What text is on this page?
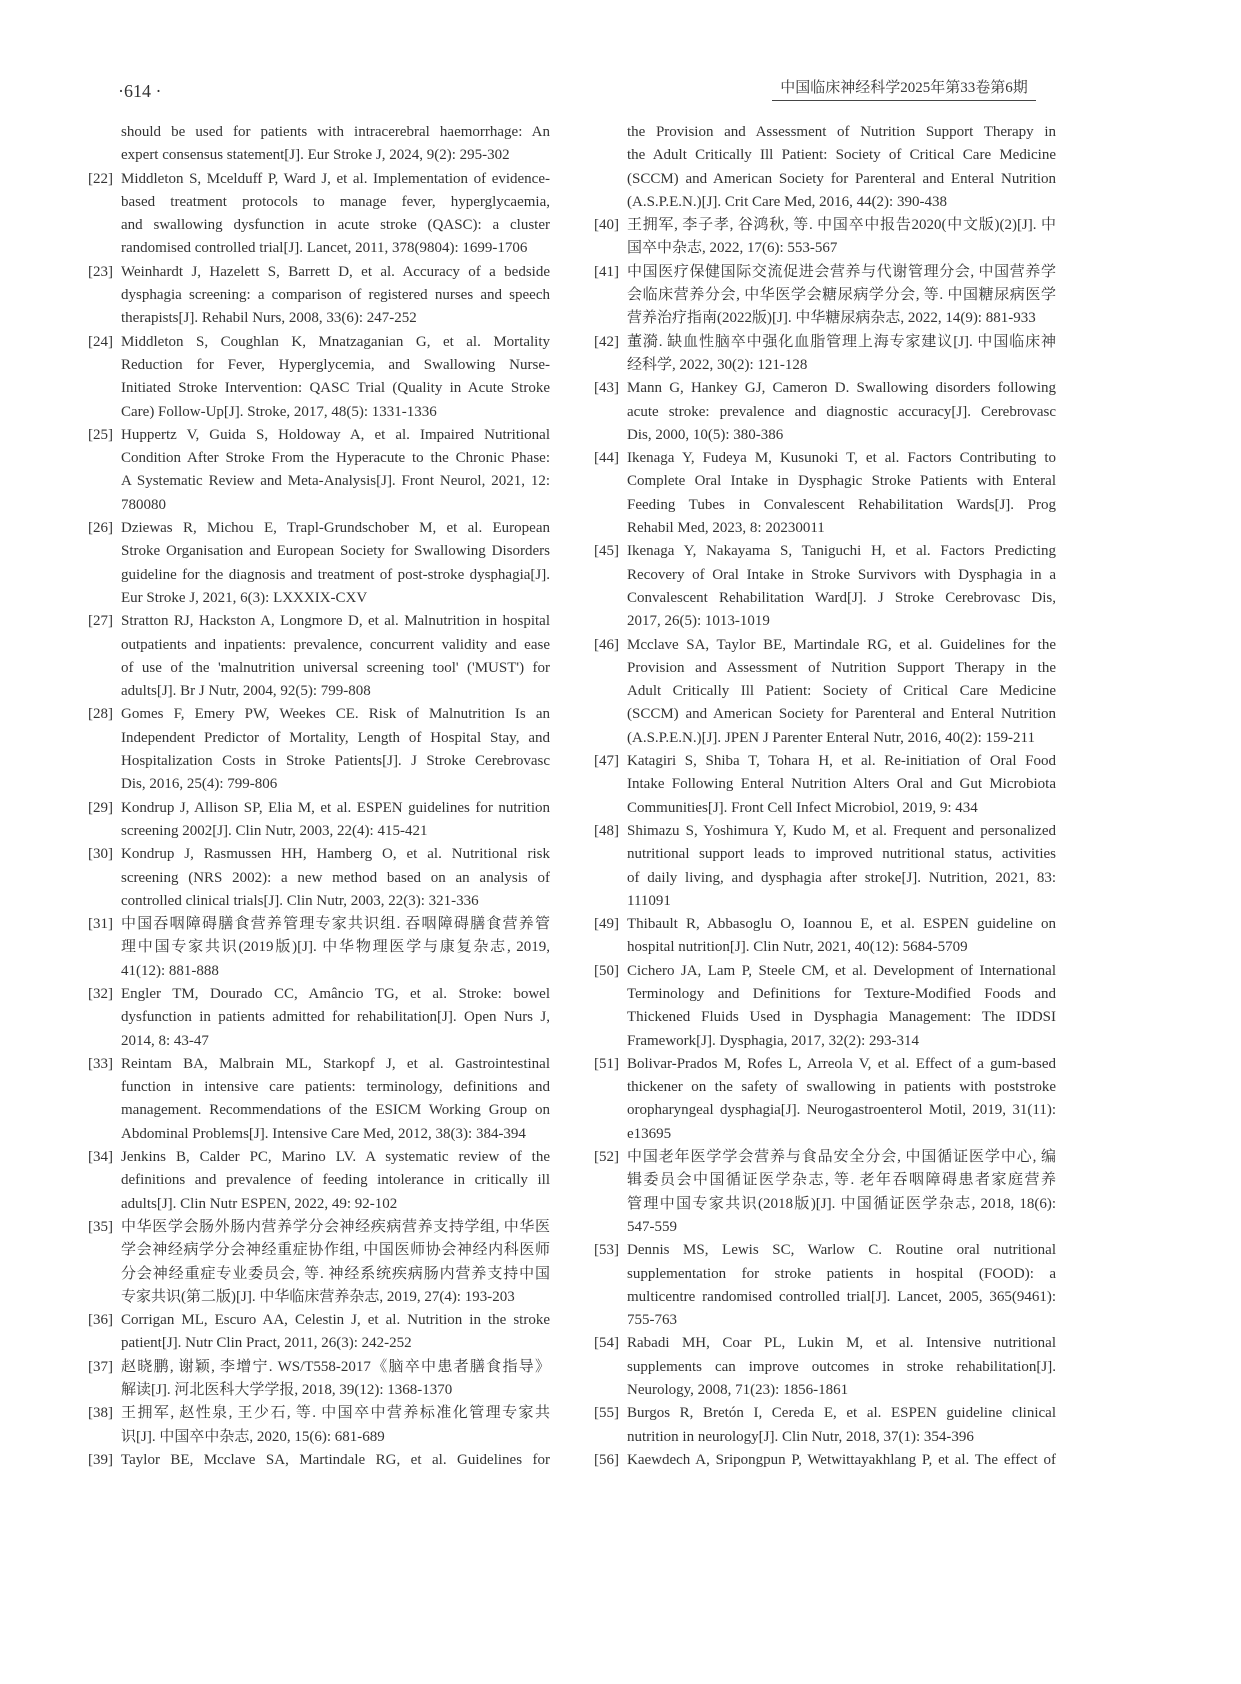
·614 ·	中国临床神经科学2025年第33卷第6期
should be used for patients with intracerebral haemorrhage: An
expert consensus statement[J]. Eur Stroke J, 2024, 9(2): 295-302
[22] Middleton S, Mcelduff P, Ward J, et al. Implementation of evidence-
based treatment protocols to manage fever, hyperglycaemia,
and swallowing dysfunction in acute stroke (QASC): a cluster
randomised controlled trial[J]. Lancet, 2011, 378(9804): 1699-1706
[23] Weinhardt J, Hazelett S, Barrett D, et al. Accuracy of a bedside
dysphagia screening: a comparison of registered nurses and speech
therapists[J]. Rehabil Nurs, 2008, 33(6): 247-252
[24] Middleton S, Coughlan K, Mnatzaganian G, et al. Mortality
Reduction for Fever, Hyperglycemia, and Swallowing Nurse-
Initiated Stroke Intervention: QASC Trial (Quality in Acute Stroke
Care) Follow-Up[J]. Stroke, 2017, 48(5): 1331-1336
[25] Huppertz V, Guida S, Holdoway A, et al. Impaired Nutritional
Condition After Stroke From the Hyperacute to the Chronic Phase:
A Systematic Review and Meta-Analysis[J]. Front Neurol, 2021, 12:
780080
[26] Dziewas R, Michou E, Trapl-Grundschober M, et al. European
Stroke Organisation and European Society for Swallowing Disorders
guideline for the diagnosis and treatment of post-stroke dysphagia[J].
Eur Stroke J, 2021, 6(3): LXXXIX-CXV
[27] Stratton RJ, Hackston A, Longmore D, et al. Malnutrition in hospital
outpatients and inpatients: prevalence, concurrent validity and ease
of use of the 'malnutrition universal screening tool' ('MUST') for
adults[J]. Br J Nutr, 2004, 92(5): 799-808
[28] Gomes F, Emery PW, Weekes CE. Risk of Malnutrition Is an
Independent Predictor of Mortality, Length of Hospital Stay, and
Hospitalization Costs in Stroke Patients[J]. J Stroke Cerebrovasc
Dis, 2016, 25(4): 799-806
[29] Kondrup J, Allison SP, Elia M, et al. ESPEN guidelines for nutrition
screening 2002[J]. Clin Nutr, 2003, 22(4): 415-421
[30] Kondrup J, Rasmussen HH, Hamberg O, et al. Nutritional risk
screening (NRS 2002): a new method based on an analysis of
controlled clinical trials[J]. Clin Nutr, 2003, 22(3): 321-336
[31] 中国吞咽障碍膳食营养管理专家共识组. 吞咽障碍膳食营养管
理中国专家共识(2019版)[J]. 中华物理医学与康复杂志, 2019,
41(12): 881-888
[32] Engler TM, Dourado CC, Amâncio TG, et al. Stroke: bowel
dysfunction in patients admitted for rehabilitation[J]. Open Nurs J,
2014, 8: 43-47
[33] Reintam BA, Malbrain ML, Starkopf J, et al. Gastrointestinal
function in intensive care patients: terminology, definitions and
management. Recommendations of the ESICM Working Group on
Abdominal Problems[J]. Intensive Care Med, 2012, 38(3): 384-394
[34] Jenkins B, Calder PC, Marino LV. A systematic review of the
definitions and prevalence of feeding intolerance in critically ill
adults[J]. Clin Nutr ESPEN, 2022, 49: 92-102
[35] 中华医学会肠外肠内营养学分会神经疾病营养支持学组, 中华医
学会神经病学分会神经重症协作组, 中国医师协会神经内科医师
分会神经重症专业委员会, 等. 神经系统疾病肠内营养支持中国
专家共识(第二版)[J]. 中华临床营养杂志, 2019, 27(4): 193-203
[36] Corrigan ML, Escuro AA, Celestin J, et al. Nutrition in the stroke
patient[J]. Nutr Clin Pract, 2011, 26(3): 242-252
[37] 赵晓鹏, 谢颖, 李增宁. WS/T558-2017《脑卒中患者膳食指导》
解读[J]. 河北医科大学学报, 2018, 39(12): 1368-1370
[38] 王拥军, 赵性泉, 王少石, 等. 中国卒中营养标准化管理专家共
识[J]. 中国卒中杂志, 2020, 15(6): 681-689
[39] Taylor BE, Mcclave SA, Martindale RG, et al. Guidelines for
the Provision and Assessment of Nutrition Support Therapy in
the Adult Critically Ill Patient: Society of Critical Care Medicine
(SCCM) and American Society for Parenteral and Enteral Nutrition
(A.S.P.E.N.)[J]. Crit Care Med, 2016, 44(2): 390-438
[40] 王拥军, 李子孝, 谷鸿秋, 等. 中国卒中报告2020(中文版)(2)[J]. 中
国卒中杂志, 2022, 17(6): 553-567
[41] 中国医疗保健国际交流促进会营养与代谢管理分会, 中国营养学
会临床营养分会, 中华医学会糖尿病学分会, 等. 中国糖尿病医学
营养治疗指南(2022版)[J]. 中华糖尿病杂志, 2022, 14(9): 881-933
[42] 董漪. 缺血性脑卒中强化血脂管理上海专家建议[J]. 中国临床神
经科学, 2022, 30(2): 121-128
[43] Mann G, Hankey GJ, Cameron D. Swallowing disorders following
acute stroke: prevalence and diagnostic accuracy[J]. Cerebrovasc
Dis, 2000, 10(5): 380-386
[44] Ikenaga Y, Fudeya M, Kusunoki T, et al. Factors Contributing to
Complete Oral Intake in Dysphagic Stroke Patients with Enteral
Feeding Tubes in Convalescent Rehabilitation Wards[J]. Prog
Rehabil Med, 2023, 8: 20230011
[45] Ikenaga Y, Nakayama S, Taniguchi H, et al. Factors Predicting
Recovery of Oral Intake in Stroke Survivors with Dysphagia in a
Convalescent Rehabilitation Ward[J]. J Stroke Cerebrovasc Dis,
2017, 26(5): 1013-1019
[46] Mcclave SA, Taylor BE, Martindale RG, et al. Guidelines for the
Provision and Assessment of Nutrition Support Therapy in the
Adult Critically Ill Patient: Society of Critical Care Medicine
(SCCM) and American Society for Parenteral and Enteral Nutrition
(A.S.P.E.N.)[J]. JPEN J Parenter Enteral Nutr, 2016, 40(2): 159-211
[47] Katagiri S, Shiba T, Tohara H, et al. Re-initiation of Oral Food
Intake Following Enteral Nutrition Alters Oral and Gut Microbiota
Communities[J]. Front Cell Infect Microbiol, 2019, 9: 434
[48] Shimazu S, Yoshimura Y, Kudo M, et al. Frequent and personalized
nutritional support leads to improved nutritional status, activities
of daily living, and dysphagia after stroke[J]. Nutrition, 2021, 83:
111091
[49] Thibault R, Abbasoglu O, Ioannou E, et al. ESPEN guideline on
hospital nutrition[J]. Clin Nutr, 2021, 40(12): 5684-5709
[50] Cichero JA, Lam P, Steele CM, et al. Development of International
Terminology and Definitions for Texture-Modified Foods and
Thickened Fluids Used in Dysphagia Management: The IDDSI
Framework[J]. Dysphagia, 2017, 32(2): 293-314
[51] Bolivar-Prados M, Rofes L, Arreola V, et al. Effect of a gum-based
thickener on the safety of swallowing in patients with poststroke
oropharyngeal dysphagia[J]. Neurogastroenterol Motil, 2019, 31(11):
e13695
[52] 中国老年医学学会营养与食品安全分会, 中国循证医学中心, 编
辑委员会中国循证医学杂志, 等. 老年吞咽障碍患者家庭营养
管理中国专家共识(2018版)[J]. 中国循证医学杂志, 2018, 18(6):
547-559
[53] Dennis MS, Lewis SC, Warlow C. Routine oral nutritional
supplementation for stroke patients in hospital (FOOD): a
multicentre randomised controlled trial[J]. Lancet, 2005, 365(9461):
755-763
[54] Rabadi MH, Coar PL, Lukin M, et al. Intensive nutritional
supplements can improve outcomes in stroke rehabilitation[J].
Neurology, 2008, 71(23): 1856-1861
[55] Burgos R, Bretón I, Cereda E, et al. ESPEN guideline clinical
nutrition in neurology[J]. Clin Nutr, 2018, 37(1): 354-396
[56] Kaewdech A, Sripongpun P, Wetwittayakhlang P, et al. The effect of
